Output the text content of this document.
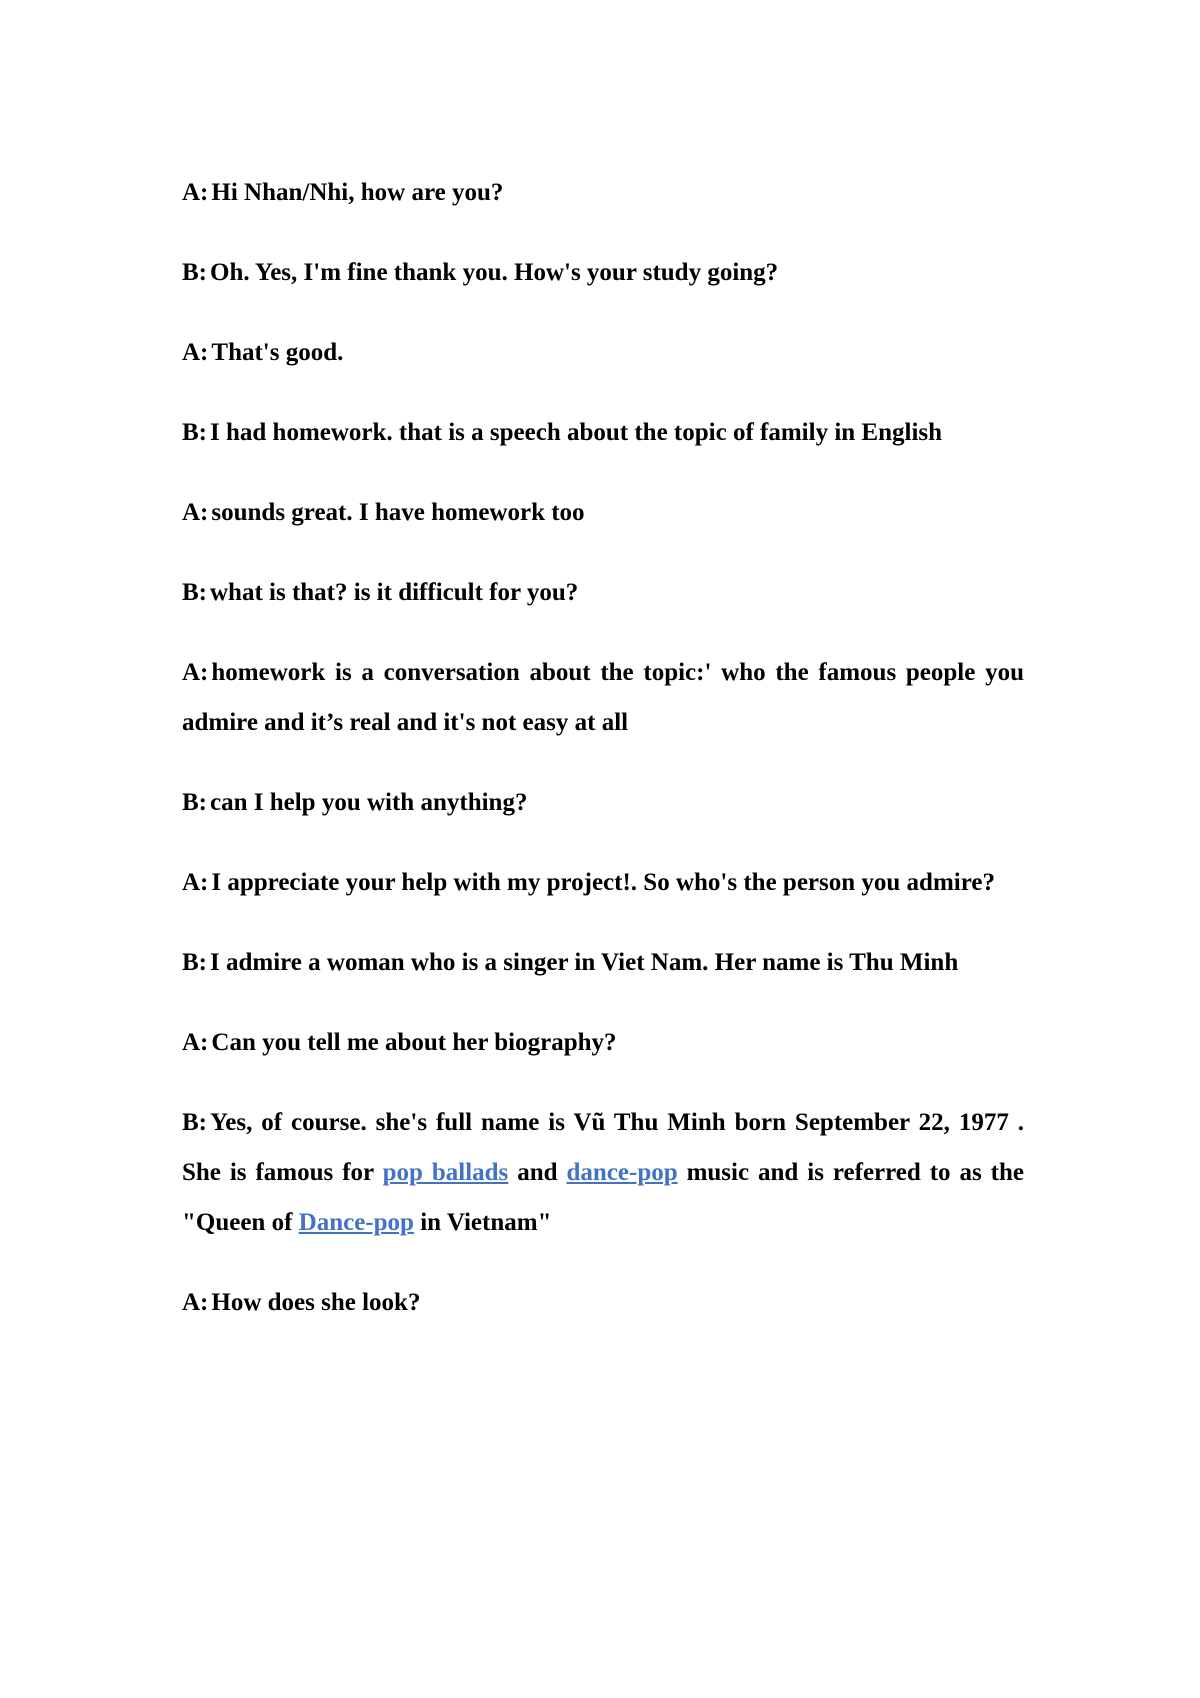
A: Hi Nhan/Nhi, how are you?

B: Oh. Yes, I'm fine thank you. How's your study going?

A: That's good.

B: I had homework. that is a speech about the topic of family in English

A: sounds great. I have homework too

B: what is that? is it difficult for you?

A: homework is a conversation about the topic:' who the famous people you admire and it’s real and it's not easy at all

B: can I help you with anything?

A: I appreciate your help with my project!. So who's the person you admire?

B: I admire a woman who is a singer in Viet Nam. Her name is Thu Minh

A: Can you tell me about her biography?

B: Yes, of course. she's full name is Vũ Thu Minh born September 22, 1977 . She is famous for pop ballads and dance-pop music and is referred to as the "Queen of Dance-pop in Vietnam"

A: How does she look?
